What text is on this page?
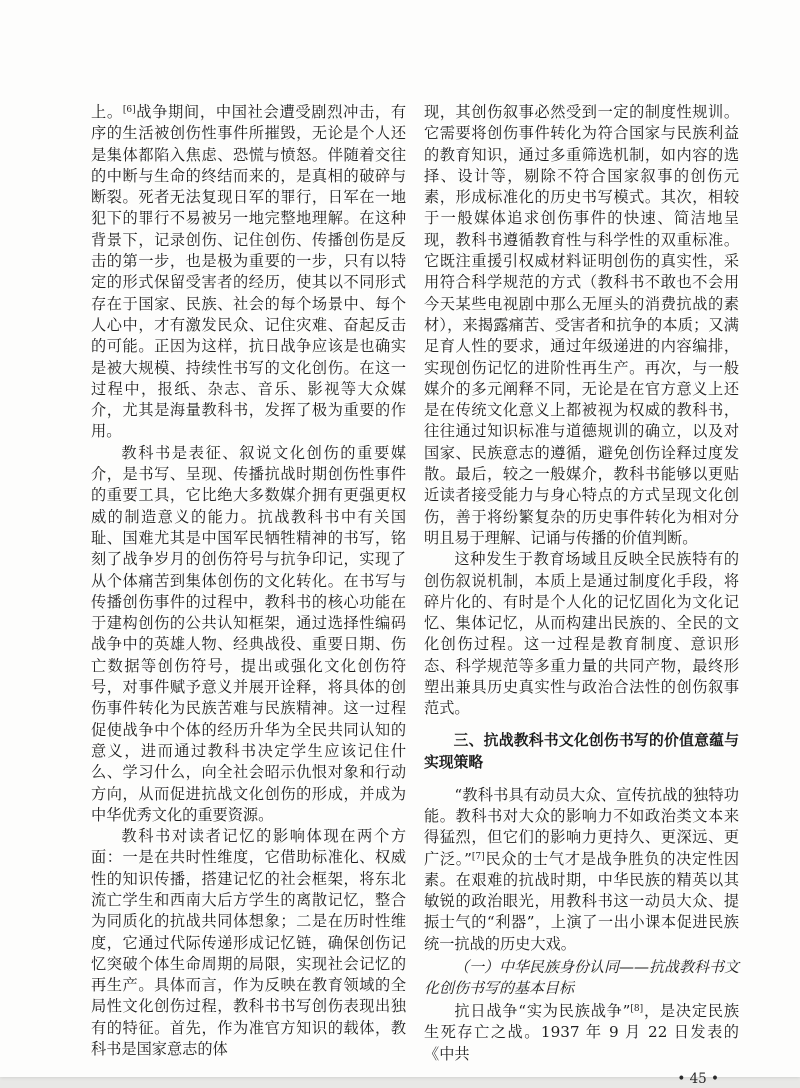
上。[6]战争期间，中国社会遭受剧烈冲击，有序的生活被创伤性事件所摧毁，无论是个人还是集体都陷入焦虑、恐慌与愤怒。伴随着交往的中断与生命的终结而来的，是真相的破碎与断裂。死者无法复现日军的罪行，日军在一地犯下的罪行不易被另一地完整地理解。在这种背景下，记录创伤、记住创伤、传播创伤是反击的第一步，也是极为重要的一步，只有以特定的形式保留受害者的经历，使其以不同形式存在于国家、民族、社会的每个场景中、每个人心中，才有激发民众、记住灾难、奋起反击的可能。正因为这样，抗日战争应该是也确实是被大规模、持续性书写的文化创伤。在这一过程中，报纸、杂志、音乐、影视等大众媒介，尤其是海量教科书，发挥了极为重要的作用。

教科书是表征、叙说文化创伤的重要媒介，是书写、呈现、传播抗战时期创伤性事件的重要工具，它比绝大多数媒介拥有更强更权威的制造意义的能力。抗战教科书中有关国耻、国难尤其是中国军民牺牲精神的书写，铭刻了战争岁月的创伤符号与抗争印记，实现了从个体痛苦到集体创伤的文化转化。在书写与传播创伤事件的过程中，教科书的核心功能在于建构创伤的公共认知框架，通过选择性编码战争中的英雄人物、经典战役、重要日期、伤亡数据等创伤符号，提出或强化文化创伤符号，对事件赋予意义并展开诠释，将具体的创伤事件转化为民族苦难与民族精神。这一过程促使战争中个体的经历升华为全民共同认知的意义，进而通过教科书决定学生应该记住什么、学习什么，向全社会昭示仇恨对象和行动方向，从而促进抗战文化创伤的形成，并成为中华优秀文化的重要资源。

教科书对读者记忆的影响体现在两个方面：一是在共时性维度，它借助标准化、权威性的知识传播，搭建记忆的社会框架，将东北流亡学生和西南大后方学生的离散记忆，整合为同质化的抗战共同体想象；二是在历时性维度，它通过代际传递形成记忆链，确保创伤记忆突破个体生命周期的局限，实现社会记忆的再生产。具体而言，作为反映在教育领域的全局性文化创伤过程，教科书书写创伤表现出独有的特征。首先，作为准官方知识的载体，教科书是国家意志的体

现，其创伤叙事必然受到一定的制度性规训。它需要将创伤事件转化为符合国家与民族利益的教育知识，通过多重筛选机制，如内容的选择、设计等，剔除不符合国家叙事的创伤元素，形成标准化的历史书写模式。其次，相较于一般媒体追求创伤事件的快速、简洁地呈现，教科书遵循教育性与科学性的双重标准。它既注重援引权威材料证明创伤的真实性，采用符合科学规范的方式（教科书不敢也不会用今天某些电视剧中那么无厘头的消费抗战的素材），来揭露痛苦、受害者和抗争的本质；又满足育人性的要求，通过年级递进的内容编排，实现创伤记忆的进阶性再生产。再次，与一般媒介的多元阐释不同，无论是在官方意义上还是在传统文化意义上都被视为权威的教科书，往往通过知识标准与道德规训的确立，以及对国家、民族意志的遵循，避免创伤诠释过度发散。最后，较之一般媒介，教科书能够以更贴近读者接受能力与身心特点的方式呈现文化创伤，善于将纷繁复杂的历史事件转化为相对分明且易于理解、记诵与传播的价值判断。

这种发生于教育场域且反映全民族特有的创伤叙说机制，本质上是通过制度化手段，将碎片化的、有时是个人化的记忆固化为文化记忆、集体记忆，从而构建出民族的、全民的文化创伤过程。这一过程是教育制度、意识形态、科学规范等多重力量的共同产物，最终形塑出兼具历史真实性与政治合法性的创伤叙事范式。

三、抗战教科书文化创伤书写的价值意蕴与实现策略

“教科书具有动员大众、宣传抗战的独特功能。教科书对大众的影响力不如政治类文本来得猛烈，但它们的影响力更持久、更深远、更广泛。”[7]民众的士气才是战争胜负的决定性因素。在艰难的抗战时期，中华民族的精英以其敏锐的政治眼光，用教科书这一动员大众、提振士气的“利器”，上演了一出小课本促进民族统一抗战的历史大戏。

（一）中华民族身份认同——抗战教科书文化创伤书写的基本目标

抗日战争“实为民族战争”[8]，是决定民族生死存亡之战。1937 年 9 月 22 日发表的《中共

• 45 •
